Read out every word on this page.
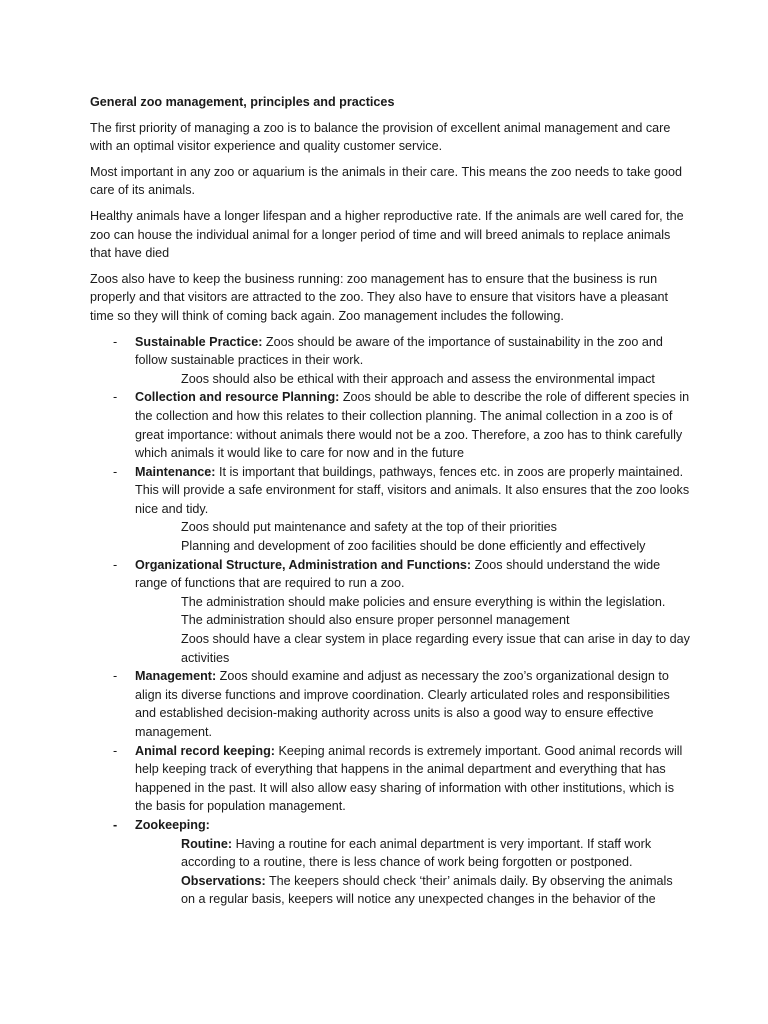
General zoo management, principles and practices

The first priority of managing a zoo is to balance the provision of excellent animal management and care with an optimal visitor experience and quality customer service.

Most important in any zoo or aquarium is the animals in their care. This means the zoo needs to take good care of its animals.

Healthy animals have a longer lifespan and a higher reproductive rate. If the animals are well cared for, the zoo can house the individual animal for a longer period of time and will breed animals to replace animals that have died

Zoos also have to keep the business running: zoo management has to ensure that the business is run properly and that visitors are attracted to the zoo. They also have to ensure that visitors have a pleasant time so they will think of coming back again. Zoo management includes the following.

- Sustainable Practice: Zoos should be aware of the importance of sustainability in the zoo and follow sustainable practices in their work.
Zoos should also be ethical with their approach and assess the environmental impact
- Collection and resource Planning: Zoos should be able to describe the role of different species in the collection and how this relates to their collection planning. The animal collection in a zoo is of great importance: without animals there would not be a zoo. Therefore, a zoo has to think carefully which animals it would like to care for now and in the future
- Maintenance: It is important that buildings, pathways, fences etc. in zoos are properly maintained. This will provide a safe environment for staff, visitors and animals. It also ensures that the zoo looks nice and tidy.
Zoos should put maintenance and safety at the top of their priorities
Planning and development of zoo facilities should be done efficiently and effectively
- Organizational Structure, Administration and Functions: Zoos should understand the wide range of functions that are required to run a zoo.
The administration should make policies and ensure everything is within the legislation.
The administration should also ensure proper personnel management
Zoos should have a clear system in place regarding every issue that can arise in day to day activities
- Management: Zoos should examine and adjust as necessary the zoo’s organizational design to align its diverse functions and improve coordination. Clearly articulated roles and responsibilities and established decision-making authority across units is also a good way to ensure effective management.
- Animal record keeping: Keeping animal records is extremely important. Good animal records will help keeping track of everything that happens in the animal department and everything that has happened in the past. It will also allow easy sharing of information with other institutions, which is the basis for population management.
- Zookeeping:
Routine: Having a routine for each animal department is very important. If staff work according to a routine, there is less chance of work being forgotten or postponed.
Observations: The keepers should check ‘their’ animals daily. By observing the animals on a regular basis, keepers will notice any unexpected changes in the behavior of the
